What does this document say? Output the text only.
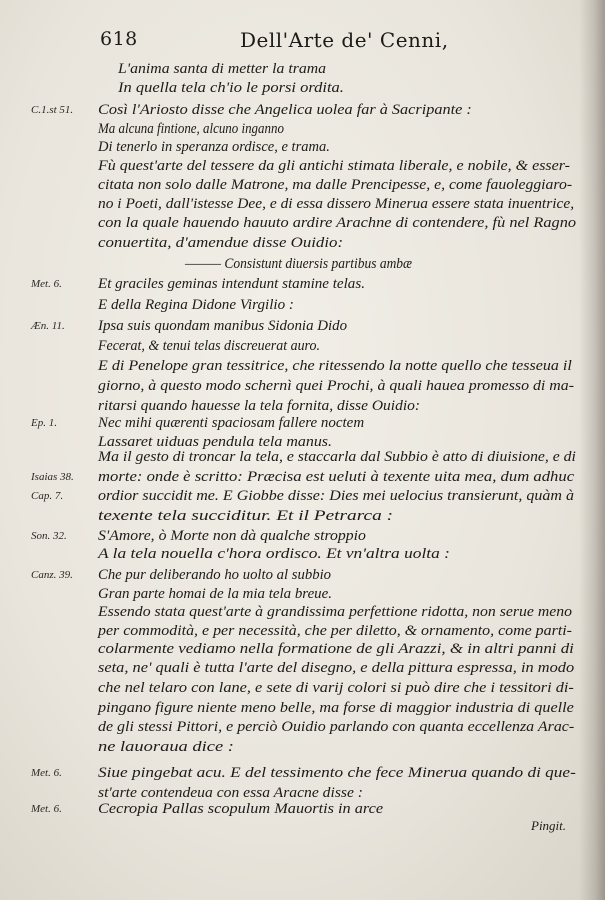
618	Dell'Arte de' Cenni,
L'anima santa di metter la trama
In quella tela ch'io le porsi ordita.
C.1.st 51. Così l'Ariosto disse che Angelica uolea far à Sacripante :
Ma alcuna fintione, alcuno inganno
Di tenerlo in speranza ordisce, e trama.
Fù quest'arte del tessere da gli antichi stimata liberale, e nobile, & esser-
citata non solo dalle Matrone, ma dalle Prencipesse, e, come fauoleggiaro-
no i Poeti, dall'istesse Dee, e di essa dissero Minerua essere stata inuentrice,
con la quale hauendo hauuto ardire Arachne di contendere, fù nel Ragno
conuertita, d'amendue disse Ouidio:
——— Consistunt diuersis partibus ambæ
Met. 6. Et graciles geminas intendunt stamine telas.
E della Regina Didone Virgilio :
Æn. 11. Ipsa suis quondam manibus Sidonia Dido
Fecerat, & tenui telas discreuerat auro.
E di Penelope gran tessitrice, che ritessendo la notte quello che tesseua il
giorno, à questo modo schernì quei Prochi, à quali hauea promesso di ma-
ritarsi quando hauesse la tela fornita, disse Ouidio:
Ep. 1.	Nec mihi quærenti spaciosam fallere noctem
Lassaret uiduas pendula tela manus.
Ma il gesto di troncar la tela, e staccarla dal Subbio è atto di diuisione, e di
Isaias 38. morte: onde è scritto: Præcisa est ueluti à texente uita mea, dum adhuc
Cap. 7. ordior succidit me. E Giobbe disse: Dies mei uelocius transierunt, quàm à
texente tela succiditur. Et il Petrarca :
Son. 32. S'Amore, ò Morte non dà qualche stroppio
A la tela nouella c'hora ordisco. Et vn'altra uolta :
Canz. 39. Che pur deliberando ho uolto al subbio
Gran parte homai de la mia tela breue.
Essendo stata quest'arte à grandissima perfettione ridotta, non serue meno
per commodità, e per necessità, che per diletto, & ornamento, come parti-
colarmente vediamo nella formatione de gli Arazzi, & in altri panni di
seta, ne' quali è tutta l'arte del disegno, e della pittura espressa, in modo
che nel telaro con lane, e sete di varij colori si può dire che i tessitori di-
pingano figure niente meno belle, ma forse di maggior industria di quelle
de gli stessi Pittori, e perciò Ouidio parlando con quanta eccellenza Arac-
ne lauoraua dice :
Met. 6. Siue pingebat acu. E del tessimento che fece Minerua quando di que-
st'arte contendeua con essa Aracne disse :
Met. 6. Cecropia Pallas scopulum Mauortis in arce
Pingit.
